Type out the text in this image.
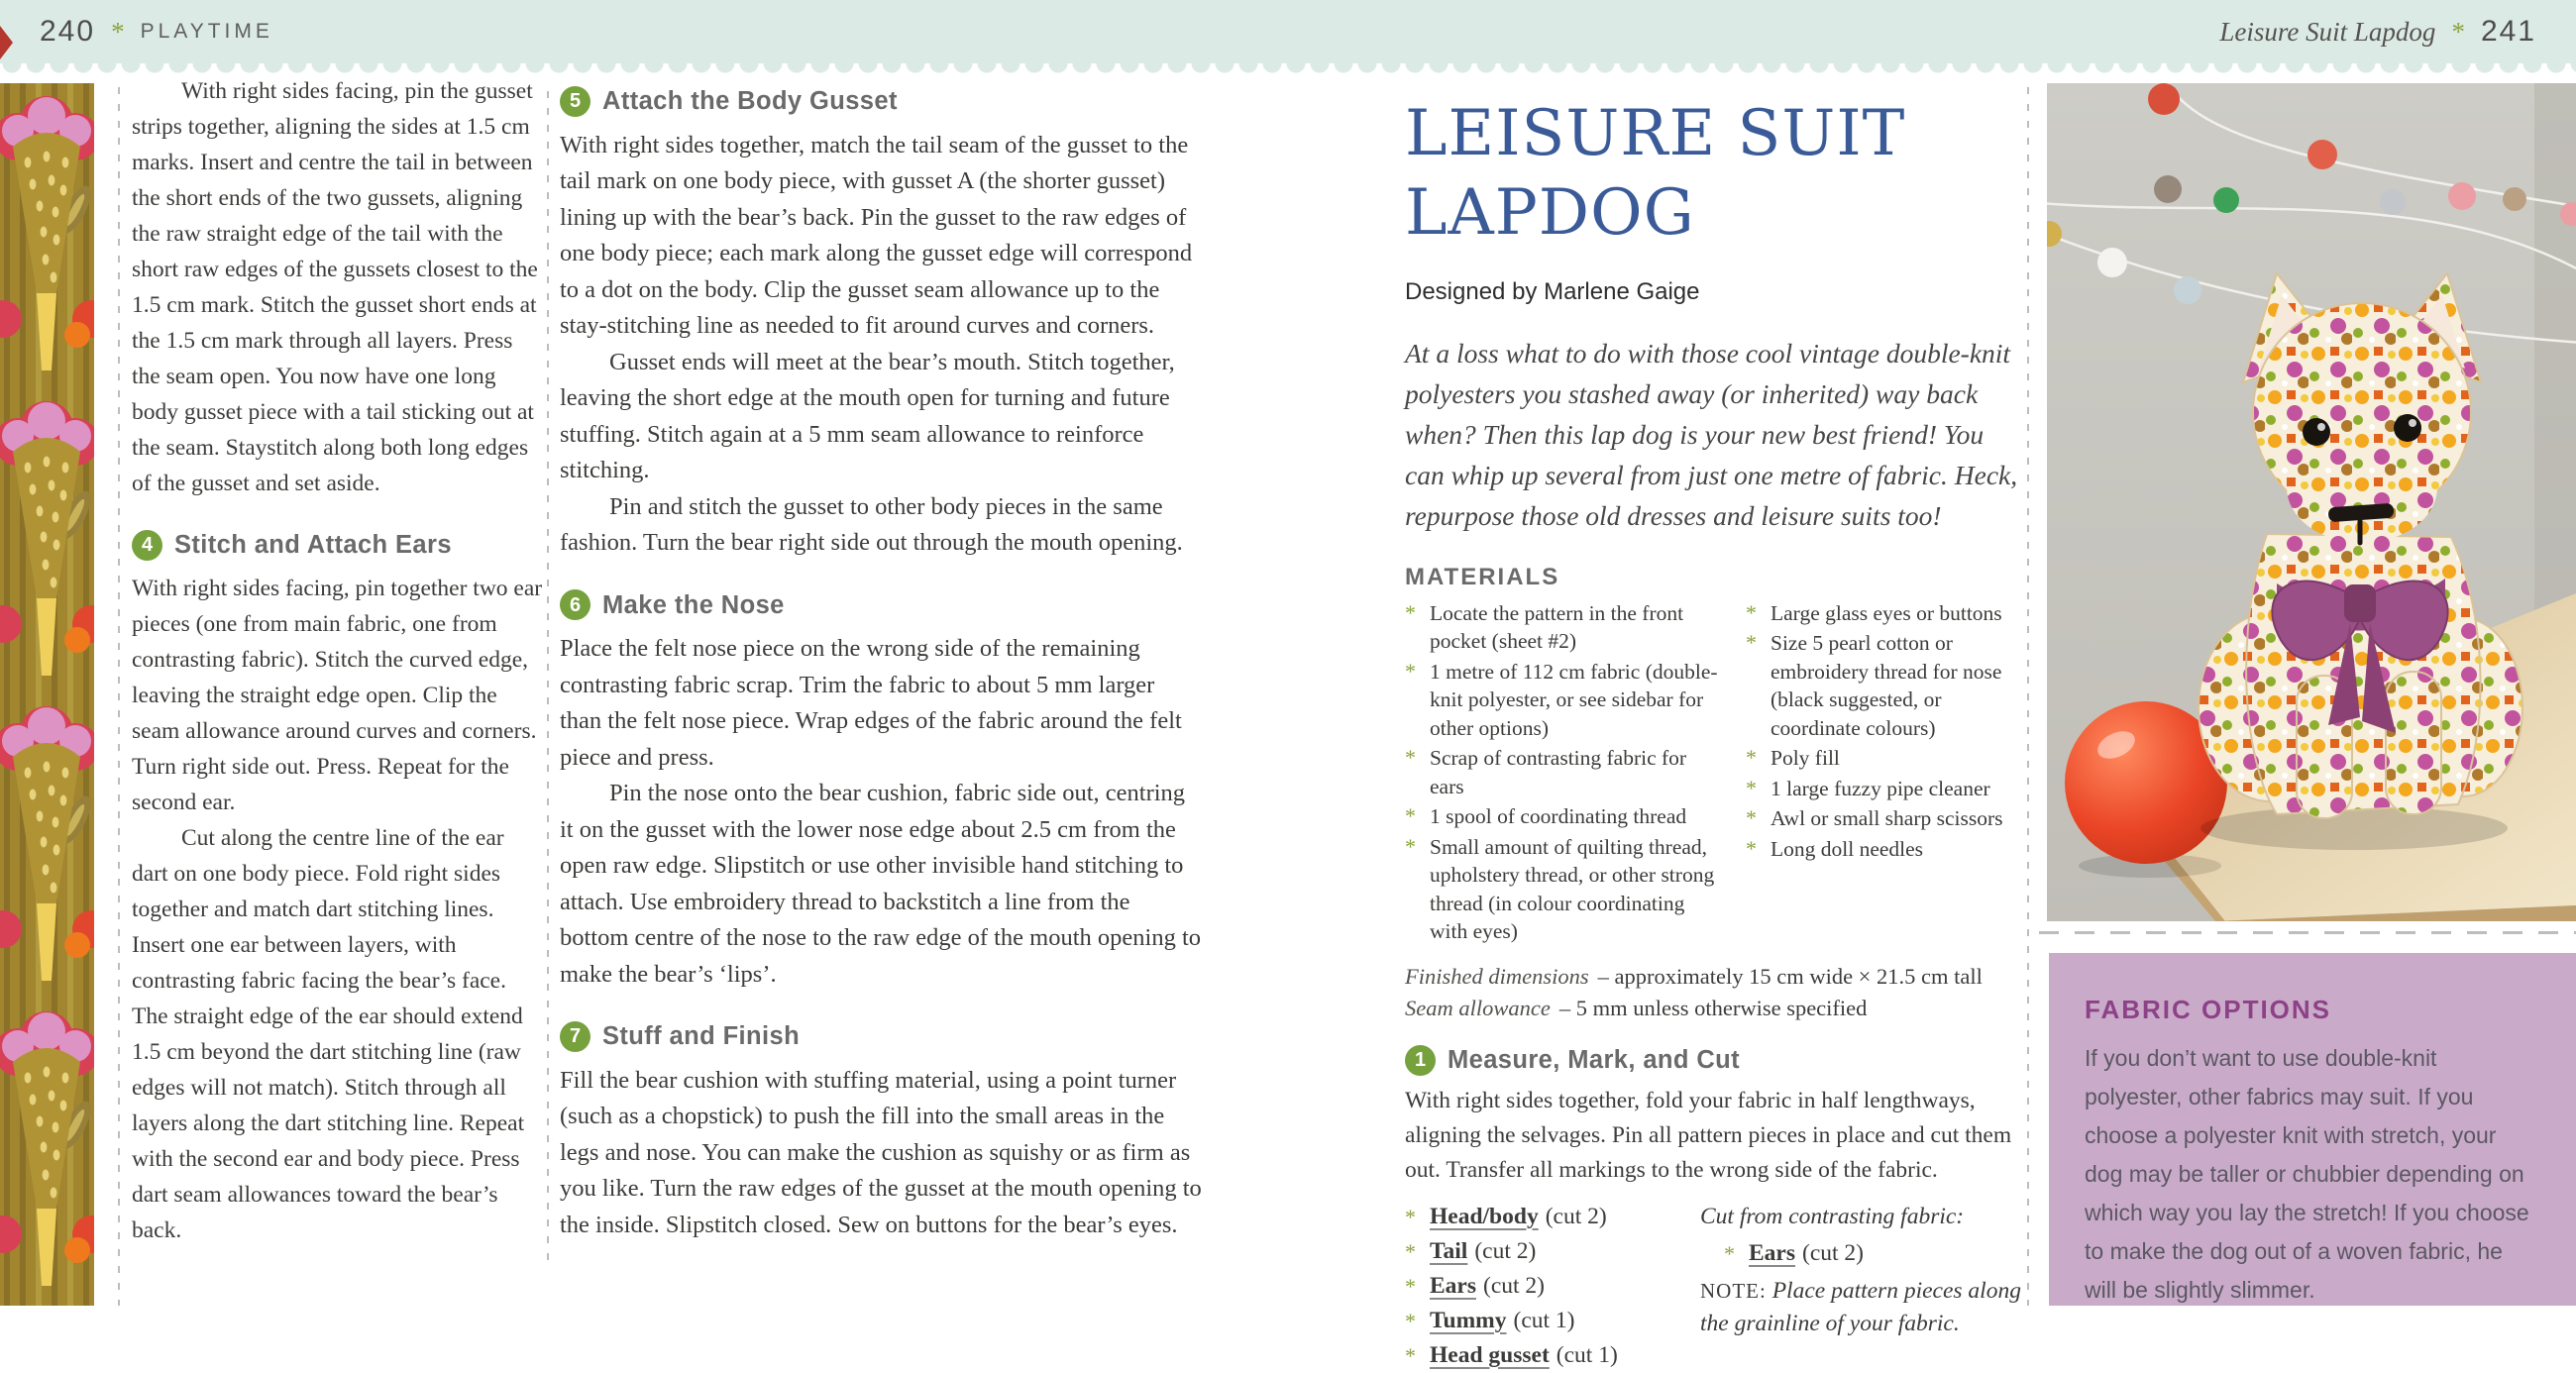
240 * PLAYTIME	Leisure Suit Lapdog * 241

With right sides facing, pin the gusset strips together, aligning the sides at 1.5 cm marks. Insert and centre the tail in between the short ends of the two gussets, aligning the raw straight edge of the tail with the short raw edges of the gussets closest to the 1.5 cm mark. Stitch the gusset short ends at the 1.5 cm mark through all layers. Press the seam open. You now have one long body gusset piece with a tail sticking out at the seam. Staystitch along both long edges of the gusset and set aside.

4 Stitch and Attach Ears

With right sides facing, pin together two ear pieces (one from main fabric, one from contrasting fabric). Stitch the curved edge, leaving the straight edge open. Clip the seam allowance around curves and corners. Turn right side out. Press. Repeat for the second ear.

Cut along the centre line of the ear dart on one body piece. Fold right sides together and match dart stitching lines. Insert one ear between layers, with contrasting fabric facing the bear’s face. The straight edge of the ear should extend 1.5 cm beyond the dart stitching line (raw edges will not match). Stitch through all layers along the dart stitching line. Repeat with the second ear and body piece. Press dart seam allowances toward the bear’s back.

5 Attach the Body Gusset

With right sides together, match the tail seam of the gusset to the tail mark on one body piece, with gusset A (the shorter gusset) lining up with the bear’s back. Pin the gusset to the raw edges of one body piece; each mark along the gusset edge will correspond to a dot on the body. Clip the gusset seam allowance up to the stay-stitching line as needed to fit around curves and corners.

Gusset ends will meet at the bear’s mouth. Stitch together, leaving the short edge at the mouth open for turning and future stuffing. Stitch again at a 5 mm seam allowance to reinforce stitching.

Pin and stitch the gusset to other body pieces in the same fashion. Turn the bear right side out through the mouth opening.

6 Make the Nose

Place the felt nose piece on the wrong side of the remaining contrasting fabric scrap. Trim the fabric to about 5 mm larger than the felt nose piece. Wrap edges of the fabric around the felt piece and press.

Pin the nose onto the bear cushion, fabric side out, centring it on the gusset with the lower nose edge about 2.5 cm from the open raw edge. Slipstitch or use other invisible hand stitching to attach. Use embroidery thread to backstitch a line from the bottom centre of the nose to the raw edge of the mouth opening to make the bear’s ‘lips’.

7 Stuff and Finish

Fill the bear cushion with stuffing material, using a point turner (such as a chopstick) to push the fill into the small areas in the legs and nose. You can make the cushion as squishy or as firm as you like. Turn the raw edges of the gusset at the mouth opening to the inside. Slipstitch closed. Sew on buttons for the bear’s eyes.

LEISURE SUIT
LAPDOG
Designed by Marlene Gaige

At a loss what to do with those cool vintage double-knit polyesters you stashed away (or inherited) way back when? Then this lap dog is your new best friend! You can whip up several from just one metre of fabric. Heck, repurpose those old dresses and leisure suits too!

MATERIALS
* Locate the pattern in the front pocket (sheet #2)
* 1 metre of 112 cm fabric (double-knit polyester, or see sidebar for other options)
* Scrap of contrasting fabric for ears
* 1 spool of coordinating thread
* Small amount of quilting thread, upholstery thread, or other strong thread (in colour coordinating with eyes)
* Large glass eyes or buttons
* Size 5 pearl cotton or embroidery thread for nose (black suggested, or coordinate colours)
* Poly fill
* 1 large fuzzy pipe cleaner
* Awl or small sharp scissors
* Long doll needles
Finished dimensions – approximately 15 cm wide × 21.5 cm tall
Seam allowance – 5 mm unless otherwise specified
1 Measure, Mark, and Cut

With right sides together, fold your fabric in half lengthways, aligning the selvages. Pin all pattern pieces in place and cut them out. Transfer all markings to the wrong side of the fabric.

* Head/body (cut 2)
* Tail (cut 2)
* Ears (cut 2)
* Tummy (cut 1)
* Head gusset (cut 1)

Cut from contrasting fabric:

* Ears (cut 2)

NOTE: Place pattern pieces along the grainline of your fabric.

FABRIC OPTIONS

If you don’t want to use double-knit polyester, other fabrics may suit. If you choose a polyester knit with stretch, your dog may be taller or chubbier depending on which way you lay the stretch! If you choose to make the dog out of a woven fabric, he will be slightly slimmer.
